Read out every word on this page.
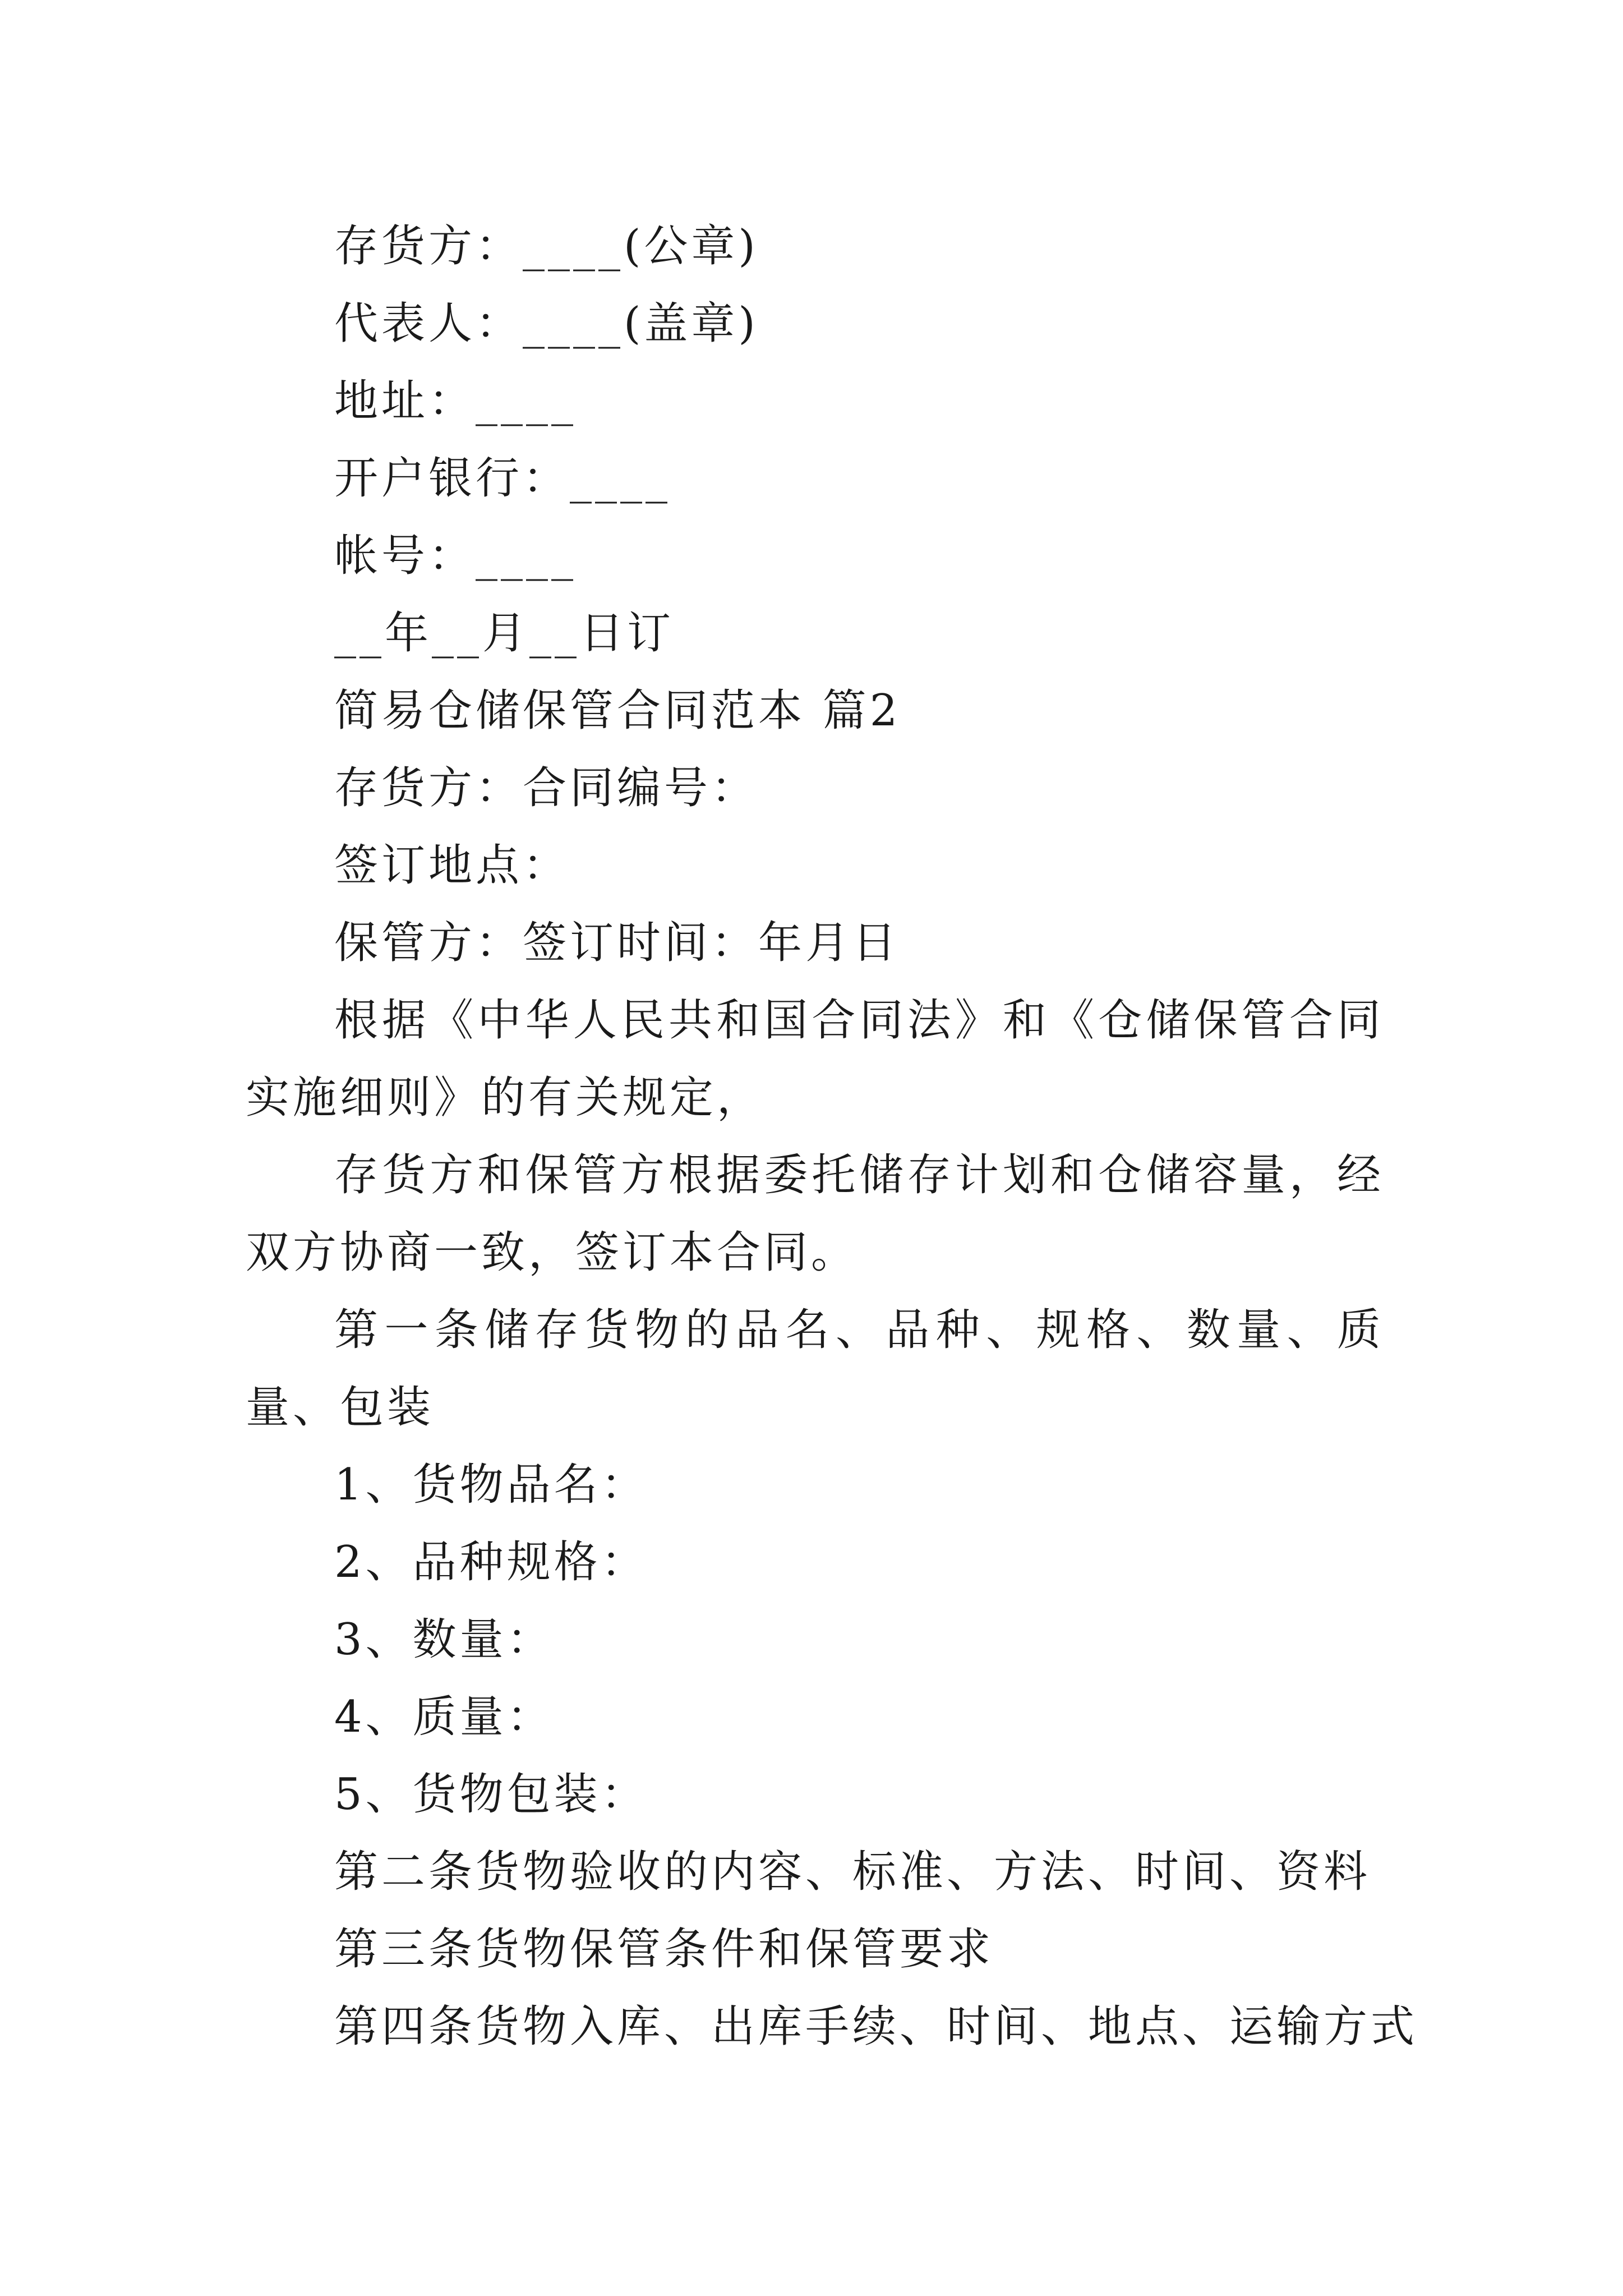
存货方：____(公章)
代表人：____(盖章)
地址：____
开户银行：____
帐号：____
__年__月__日订
简易仓储保管合同范本 篇2
存货方：合同编号：
签订地点：
保管方：签订时间：年月日

根据《中华人民共和国合同法》和《仓储保管合同实施细则》的有关规定，

存货方和保管方根据委托储存计划和仓储容量，经双方协商一致，签订本合同。

第一条储存货物的品名、品种、规格、数量、质量、包装

1、货物品名：
2、品种规格：
3、数量：
4、质量：
5、货物包装：
第二条货物验收的内容、标准、方法、时间、资料
第三条货物保管条件和保管要求
第四条货物入库、出库手续、时间、地点、运输方式
